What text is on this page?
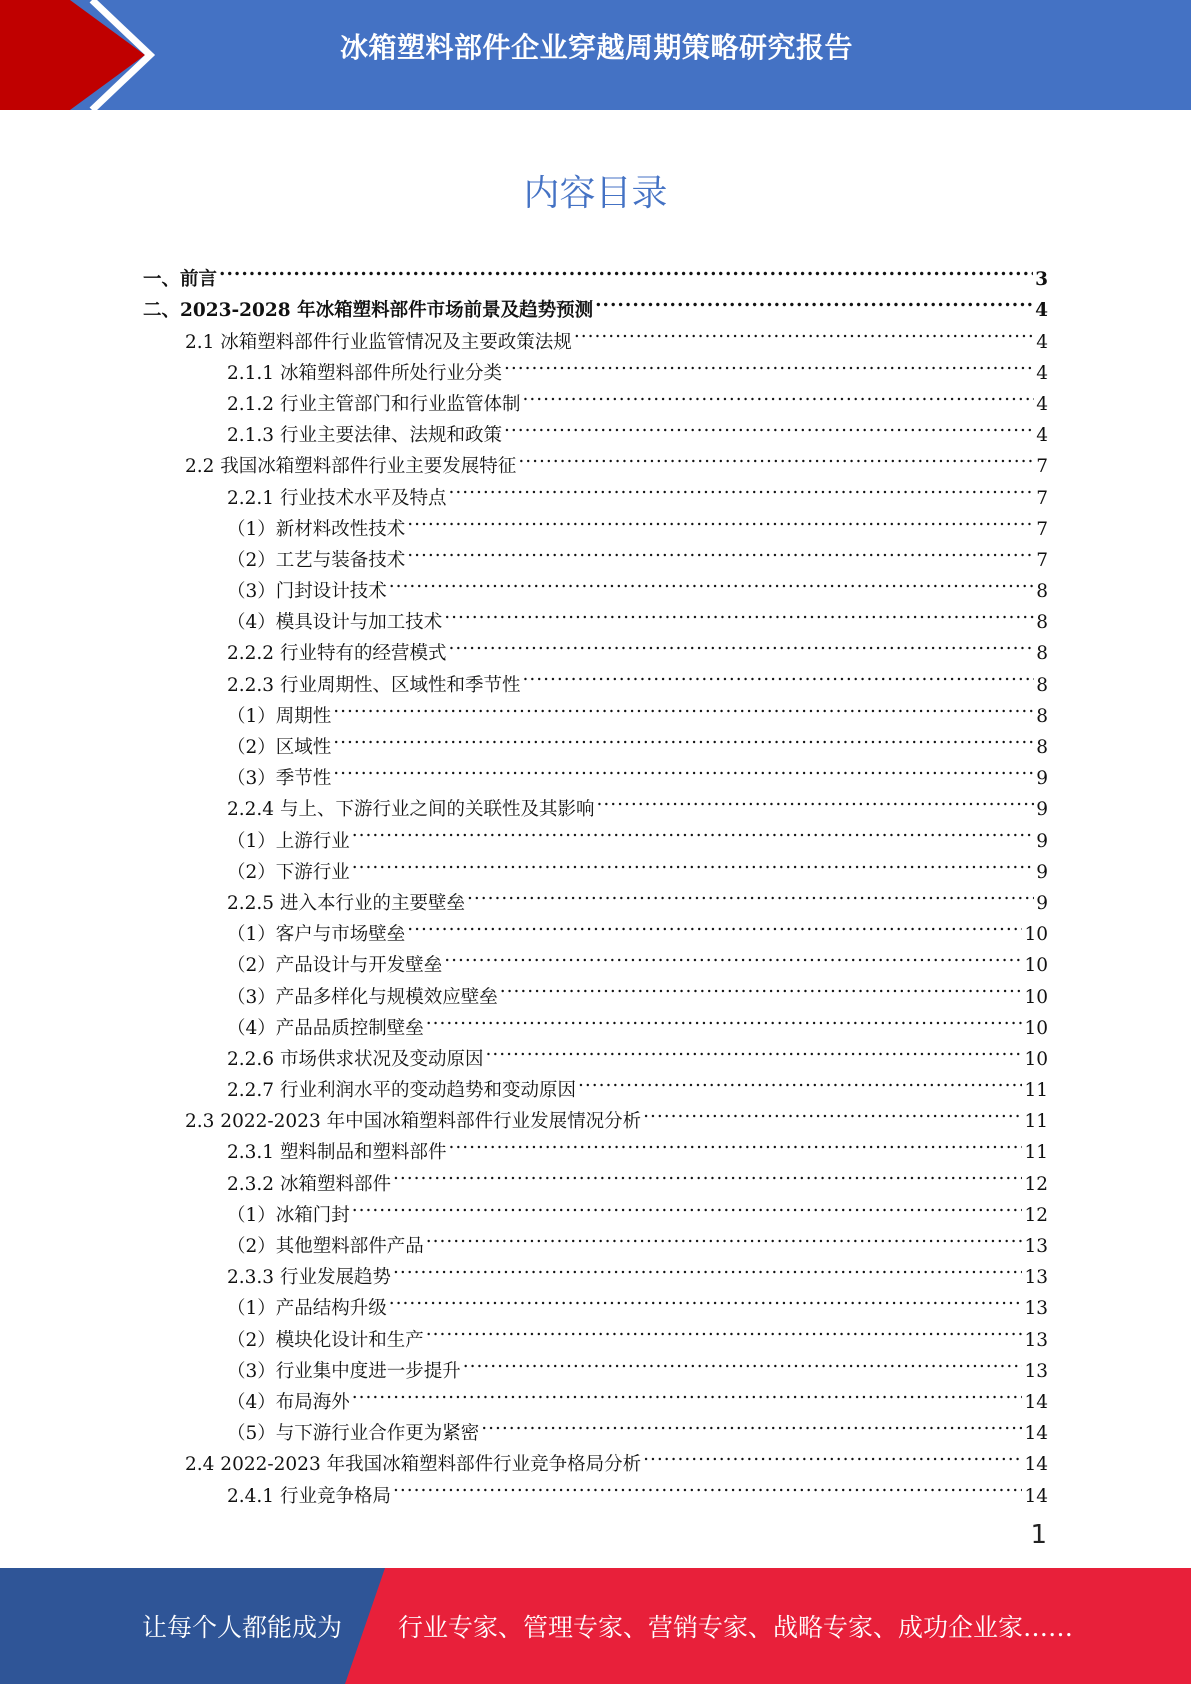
冰箱塑料部件企业穿越周期策略研究报告
内容目录
一、前言 .....	3
二、2023-2028 年冰箱塑料部件市场前景及趋势预测 .....	4
2.1 冰箱塑料部件行业监管情况及主要政策法规 .....	4
2.1.1 冰箱塑料部件所处行业分类 .....	4
2.1.2 行业主管部门和行业监管体制 .....	4
2.1.3 行业主要法律、法规和政策 .....	4
2.2 我国冰箱塑料部件行业主要发展特征 .....	7
2.2.1 行业技术水平及特点 .....	7
（1）新材料改性技术 .....	7
（2）工艺与装备技术 .....	7
（3）门封设计技术 .....	8
（4）模具设计与加工技术 .....	8
2.2.2 行业特有的经营模式 .....	8
2.2.3 行业周期性、区域性和季节性 .....	8
（1）周期性 .....	8
（2）区域性 .....	8
（3）季节性 .....	9
2.2.4 与上、下游行业之间的关联性及其影响 .....	9
（1）上游行业 .....	9
（2）下游行业 .....	9
2.2.5 进入本行业的主要壁垒 .....	9
（1）客户与市场壁垒 .....	10
（2）产品设计与开发壁垒 .....	10
（3）产品多样化与规模效应壁垒 .....	10
（4）产品品质控制壁垒 .....	10
2.2.6 市场供求状况及变动原因 .....	10
2.2.7 行业利润水平的变动趋势和变动原因 .....	11
2.3 2022-2023 年中国冰箱塑料部件行业发展情况分析 .....	11
2.3.1 塑料制品和塑料部件 .....	11
2.3.2 冰箱塑料部件 .....	12
（1）冰箱门封 .....	12
（2）其他塑料部件产品 .....	13
2.3.3 行业发展趋势 .....	13
（1）产品结构升级 .....	13
（2）模块化设计和生产 .....	13
（3）行业集中度进一步提升 .....	13
（4）布局海外 .....	14
（5）与下游行业合作更为紧密 .....	14
2.4 2022-2023 年我国冰箱塑料部件行业竞争格局分析 .....	14
2.4.1 行业竞争格局 .....	14
1
让每个人都能成为 行业专家、管理专家、营销专家、战略专家、成功企业家……
